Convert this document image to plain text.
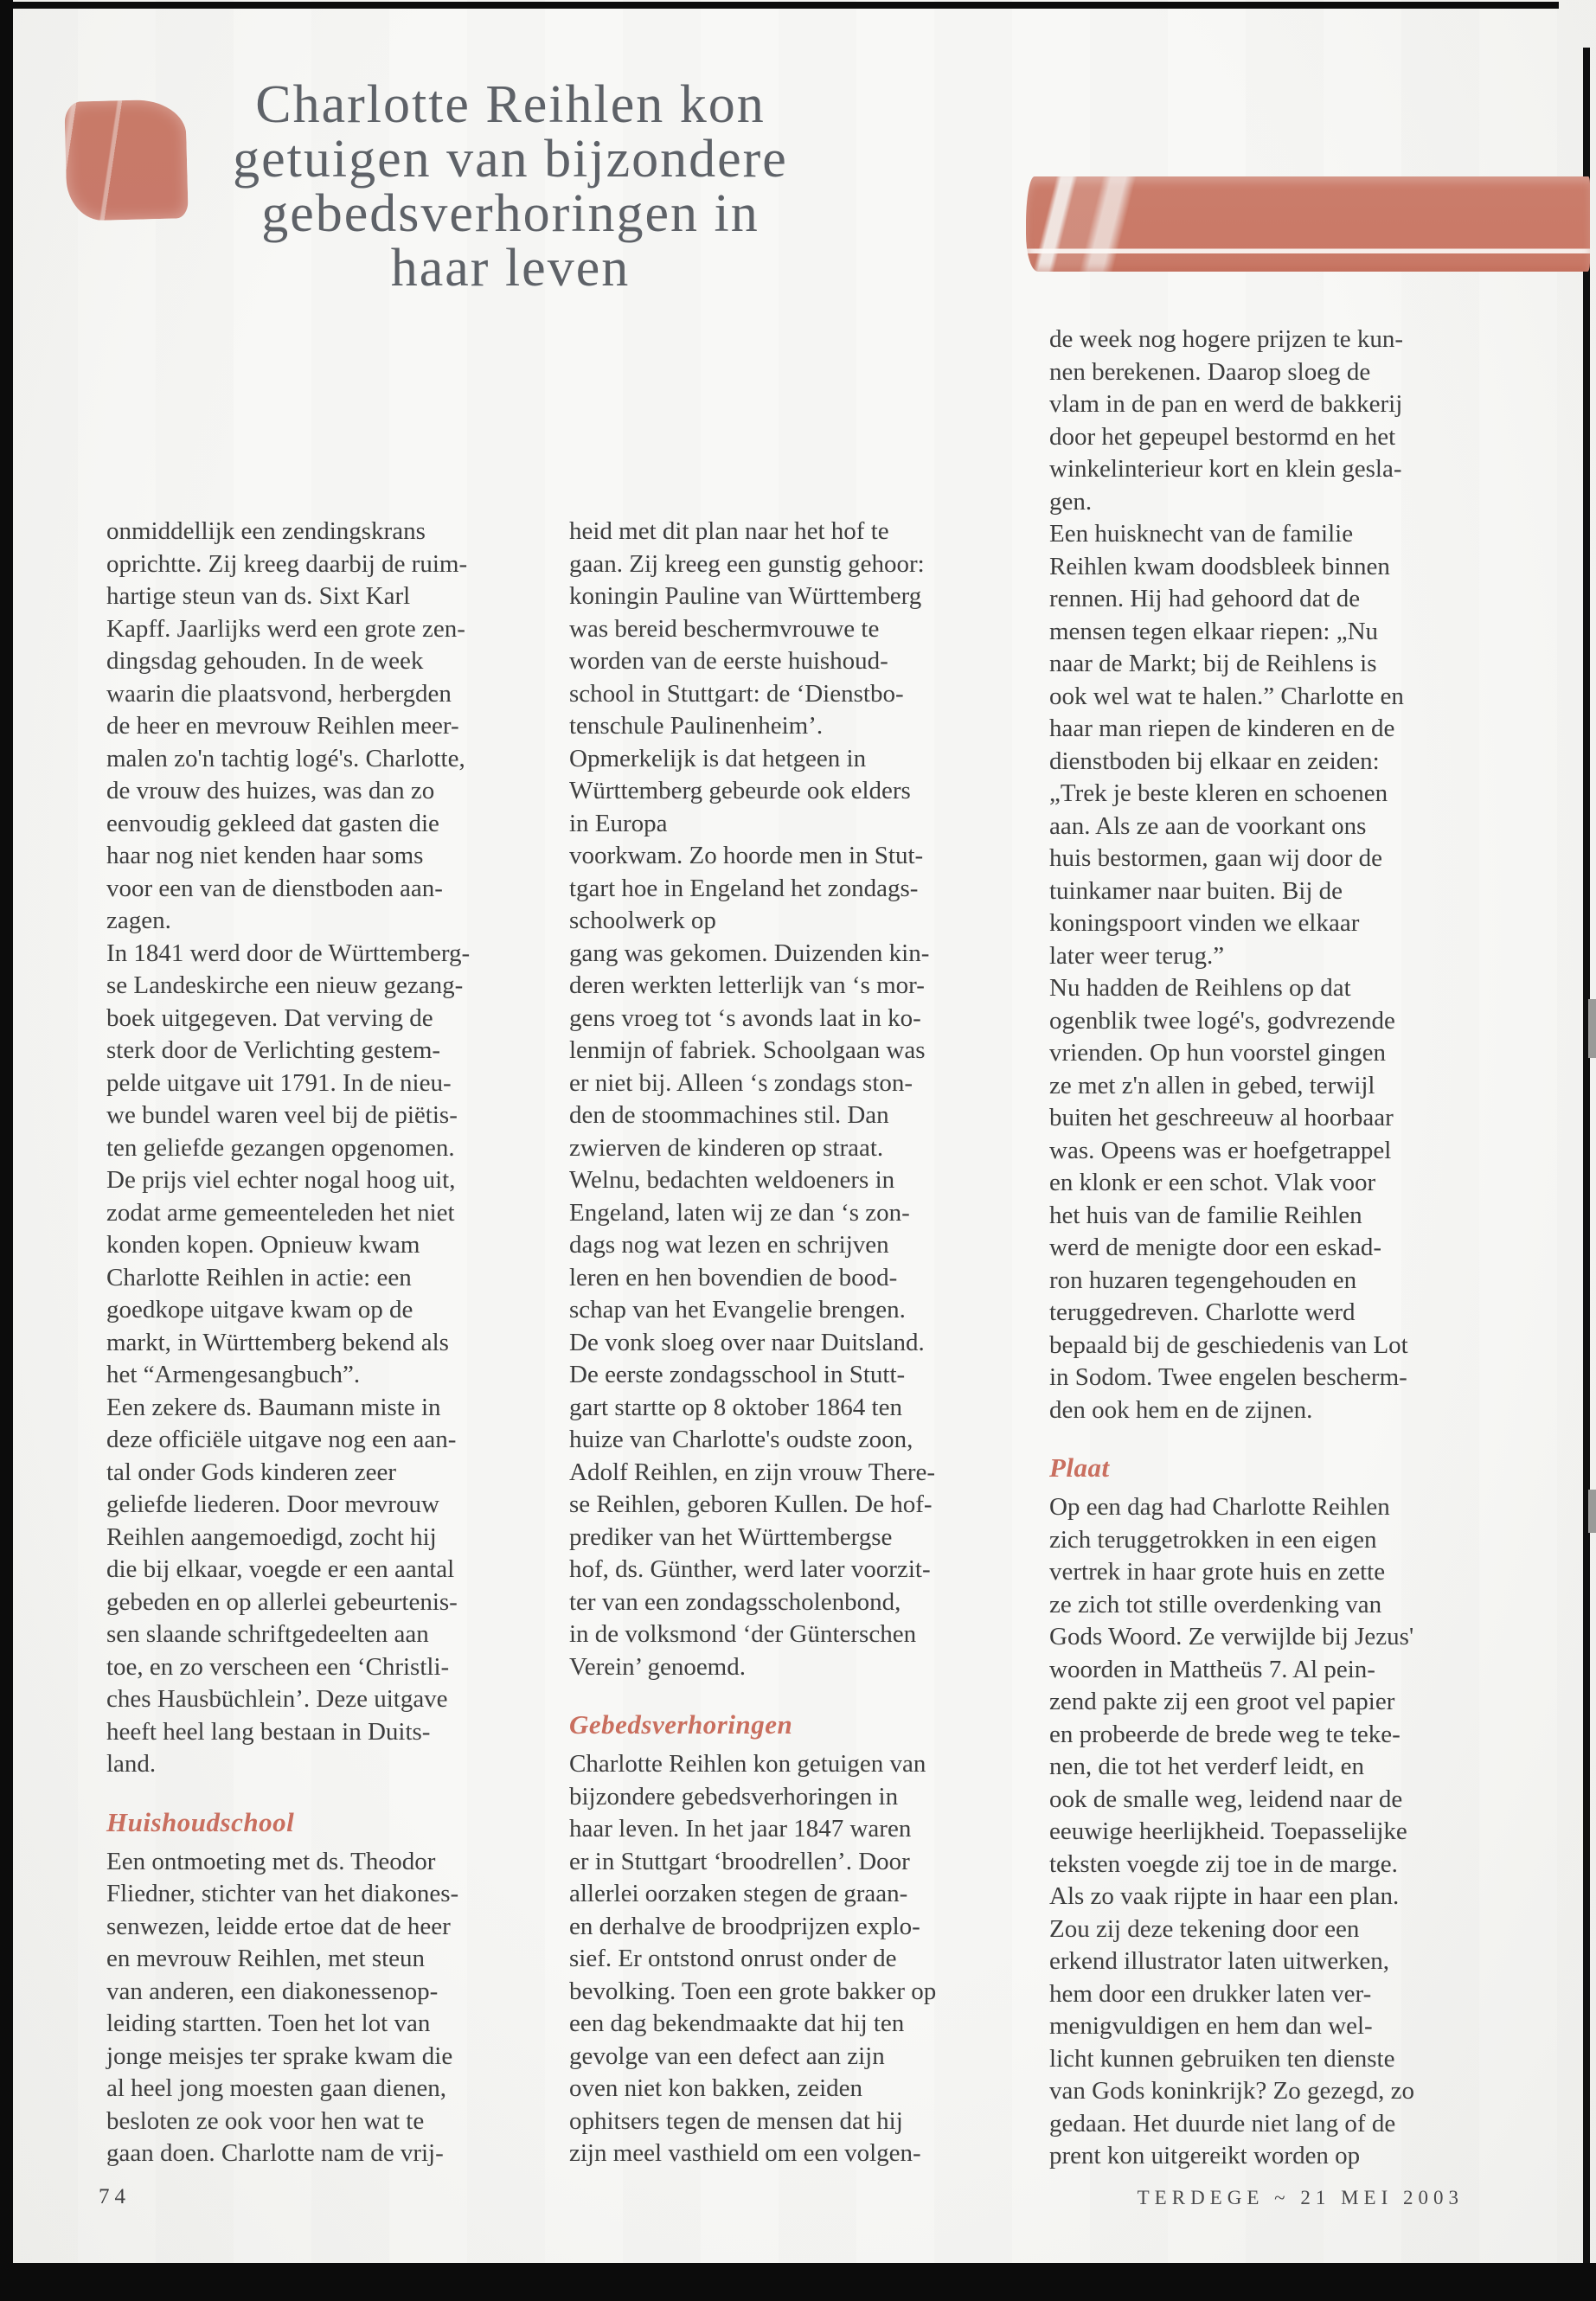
Charlotte Reihlen kon
getuigen van bijzondere
gebedsverhoringen in
haar leven
onmiddellijk een zendingskrans
oprichtte. Zij kreeg daarbij de ruim-
hartige steun van ds. Sixt Karl
Kapff. Jaarlijks werd een grote zen-
dingsdag gehouden. In de week
waarin die plaatsvond, herbergden
de heer en mevrouw Reihlen meer-
malen zo'n tachtig logé's. Charlotte,
de vrouw des huizes, was dan zo
eenvoudig gekleed dat gasten die
haar nog niet kenden haar soms
voor een van de dienstboden aan-
zagen.
In 1841 werd door de Württemberg-
se Landeskirche een nieuw gezang-
boek uitgegeven. Dat verving de
sterk door de Verlichting gestem-
pelde uitgave uit 1791. In de nieu-
we bundel waren veel bij de piëtis-
ten geliefde gezangen opgenomen.
De prijs viel echter nogal hoog uit,
zodat arme gemeenteleden het niet
konden kopen. Opnieuw kwam
Charlotte Reihlen in actie: een
goedkope uitgave kwam op de
markt, in Württemberg bekend als
het “Armengesangbuch”.
Een zekere ds. Baumann miste in
deze officiële uitgave nog een aan-
tal onder Gods kinderen zeer
geliefde liederen. Door mevrouw
Reihlen aangemoedigd, zocht hij
die bij elkaar, voegde er een aantal
gebeden en op allerlei gebeurtenis-
sen slaande schriftgedeelten aan
toe, en zo verscheen een ‘Christli-
ches Hausbüchlein’. Deze uitgave
heeft heel lang bestaan in Duits-
land.
Huishoudschool
Een ontmoeting met ds. Theodor
Fliedner, stichter van het diakones-
senwezen, leidde ertoe dat de heer
en mevrouw Reihlen, met steun
van anderen, een diakonessenop-
leiding startten. Toen het lot van
jonge meisjes ter sprake kwam die
al heel jong moesten gaan dienen,
besloten ze ook voor hen wat te
gaan doen. Charlotte nam de vrij-
heid met dit plan naar het hof te
gaan. Zij kreeg een gunstig gehoor:
koningin Pauline van Württemberg
was bereid beschermvrouwe te
worden van de eerste huishoud-
school in Stuttgart: de ‘Dienstbo-
tenschule Paulinenheim’.
Opmerkelijk is dat hetgeen in
Württemberg gebeurde ook elders
in Europa
voorkwam. Zo hoorde men in Stut-
tgart hoe in Engeland het zondags-
schoolwerk op
gang was gekomen. Duizenden kin-
deren werkten letterlijk van ‘s mor-
gens vroeg tot ‘s avonds laat in ko-
lenmijn of fabriek. Schoolgaan was
er niet bij. Alleen ‘s zondags ston-
den de stoommachines stil. Dan
zwierven de kinderen op straat.
Welnu, bedachten weldoeners in
Engeland, laten wij ze dan ‘s zon-
dags nog wat lezen en schrijven
leren en hen bovendien de bood-
schap van het Evangelie brengen.
De vonk sloeg over naar Duitsland.
De eerste zondagsschool in Stutt-
gart startte op 8 oktober 1864 ten
huize van Charlotte's oudste zoon,
Adolf Reihlen, en zijn vrouw There-
se Reihlen, geboren Kullen. De hof-
prediker van het Württembergse
hof, ds. Günther, werd later voorzit-
ter van een zondagsscholenbond,
in de volksmond ‘der Günterschen
Verein’ genoemd.
Gebedsverhoringen
Charlotte Reihlen kon getuigen van
bijzondere gebedsverhoringen in
haar leven. In het jaar 1847 waren
er in Stuttgart ‘broodrellen’. Door
allerlei oorzaken stegen de graan-
en derhalve de broodprijzen explo-
sief. Er ontstond onrust onder de
bevolking. Toen een grote bakker op
een dag bekendmaakte dat hij ten
gevolge van een defect aan zijn
oven niet kon bakken, zeiden
ophitsers tegen de mensen dat hij
zijn meel vasthield om een volgen-
de week nog hogere prijzen te kun-
nen berekenen. Daarop sloeg de
vlam in de pan en werd de bakkerij
door het gepeupel bestormd en het
winkelinterieur kort en klein gesla-
gen.
Een huisknecht van de familie
Reihlen kwam doodsbleek binnen
rennen. Hij had gehoord dat de
mensen tegen elkaar riepen: „Nu
naar de Markt; bij de Reihlens is
ook wel wat te halen.” Charlotte en
haar man riepen de kinderen en de
dienstboden bij elkaar en zeiden:
„Trek je beste kleren en schoenen
aan. Als ze aan de voorkant ons
huis bestormen, gaan wij door de
tuinkamer naar buiten. Bij de
koningspoort vinden we elkaar
later weer terug.”
Nu hadden de Reihlens op dat
ogenblik twee logé's, godvrezende
vrienden. Op hun voorstel gingen
ze met z'n allen in gebed, terwijl
buiten het geschreeuw al hoorbaar
was. Opeens was er hoefgetrappel
en klonk er een schot. Vlak voor
het huis van de familie Reihlen
werd de menigte door een eskad-
ron huzaren tegengehouden en
teruggedreven. Charlotte werd
bepaald bij de geschiedenis van Lot
in Sodom. Twee engelen bescherm-
den ook hem en de zijnen.
Plaat
Op een dag had Charlotte Reihlen
zich teruggetrokken in een eigen
vertrek in haar grote huis en zette
ze zich tot stille overdenking van
Gods Woord. Ze verwijlde bij Jezus'
woorden in Mattheüs 7. Al pein-
zend pakte zij een groot vel papier
en probeerde de brede weg te teke-
nen, die tot het verderf leidt, en
ook de smalle weg, leidend naar de
eeuwige heerlijkheid. Toepasselijke
teksten voegde zij toe in de marge.
Als zo vaak rijpte in haar een plan.
Zou zij deze tekening door een
erkend illustrator laten uitwerken,
hem door een drukker laten ver-
menigvuldigen en hem dan wel-
licht kunnen gebruiken ten dienste
van Gods koninkrijk? Zo gezegd, zo
gedaan. Het duurde niet lang of de
prent kon uitgereikt worden op
74	TERDEGE ~ 21 MEI 2003
